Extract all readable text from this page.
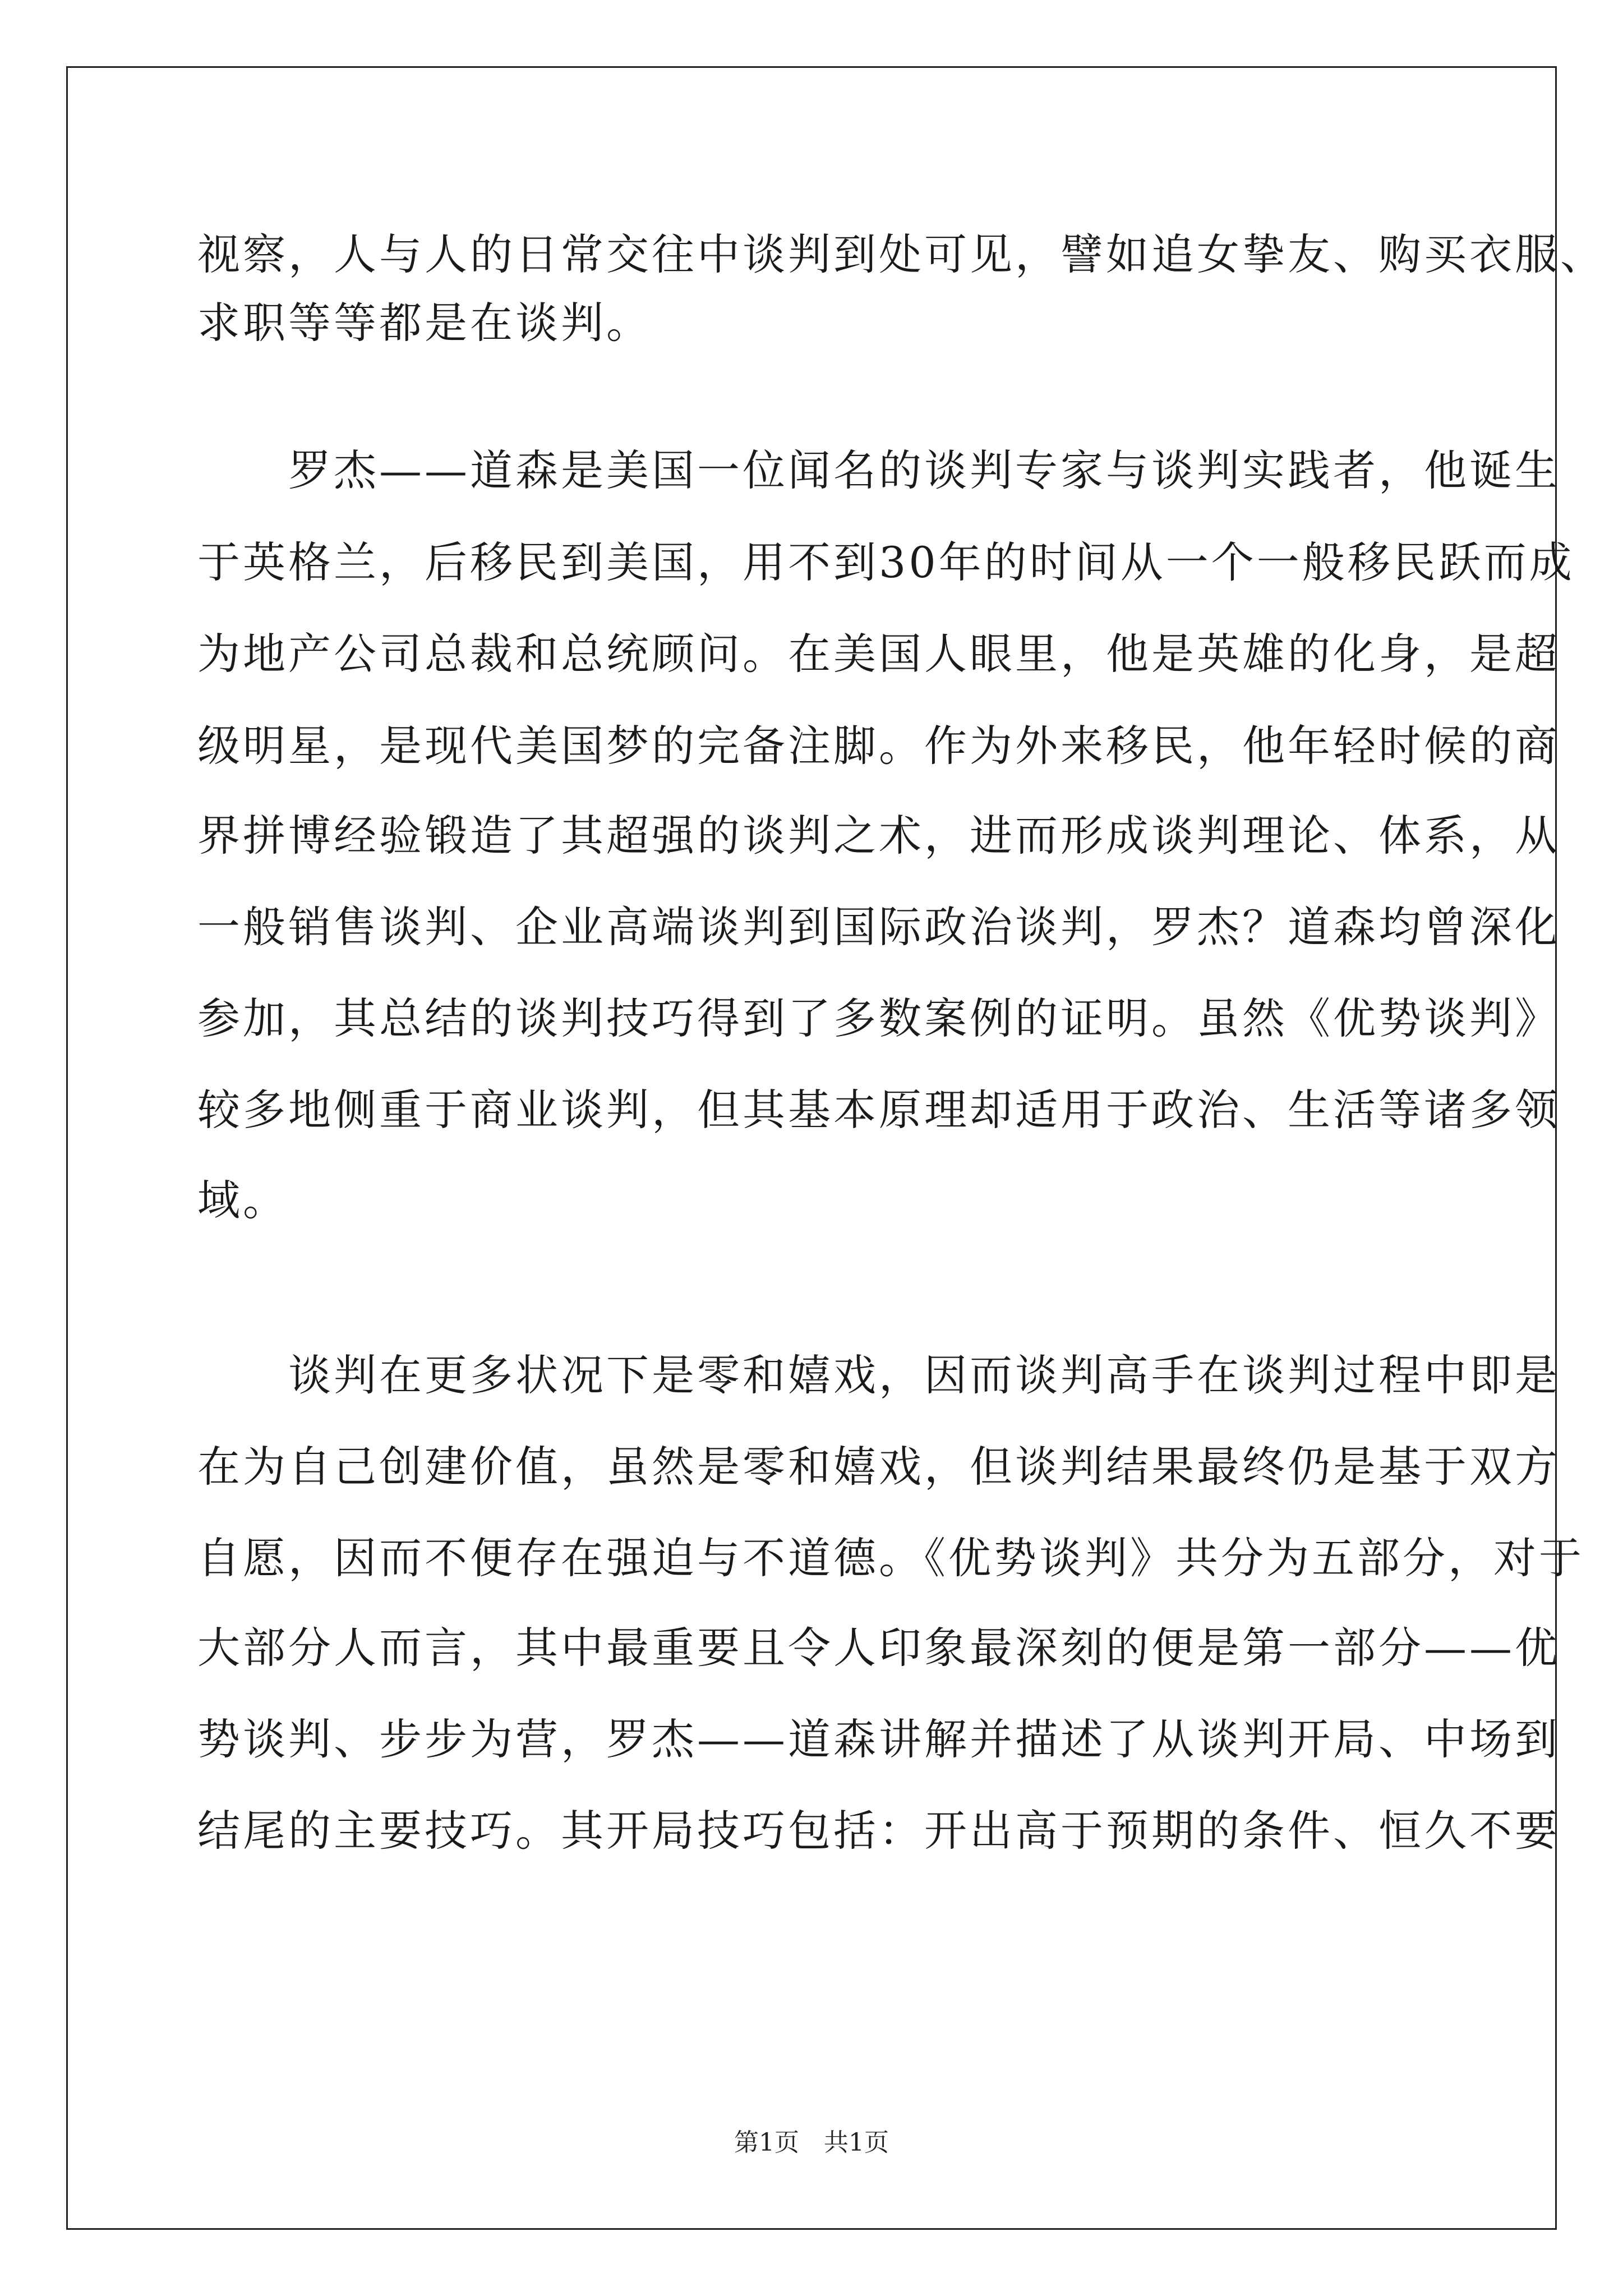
视察，人与人的日常交往中谈判到处可见，譬如追女挚友、购买衣服、
求职等等都是在谈判。
　　罗杰——道森是美国一位闻名的谈判专家与谈判实践者，他诞生
于英格兰，后移民到美国，用不到30年的时间从一个一般移民跃而成
为地产公司总裁和总统顾问。在美国人眼里，他是英雄的化身，是超
级明星，是现代美国梦的完备注脚。作为外来移民，他年轻时候的商
界拼博经验锻造了其超强的谈判之术，进而形成谈判理论、体系，从
一般销售谈判、企业高端谈判到国际政治谈判，罗杰？道森均曾深化
参加，其总结的谈判技巧得到了多数案例的证明。虽然《优势谈判》
较多地侧重于商业谈判，但其基本原理却适用于政治、生活等诸多领
域。
　　谈判在更多状况下是零和嬉戏，因而谈判高手在谈判过程中即是
在为自己创建价值，虽然是零和嬉戏，但谈判结果最终仍是基于双方
自愿，因而不便存在强迫与不道德。《优势谈判》共分为五部分，对于
大部分人而言，其中最重要且令人印象最深刻的便是第一部分——优
势谈判、步步为营，罗杰——道森讲解并描述了从谈判开局、中场到
结尾的主要技巧。其开局技巧包括：开出高于预期的条件、恒久不要
第1页　共1页
